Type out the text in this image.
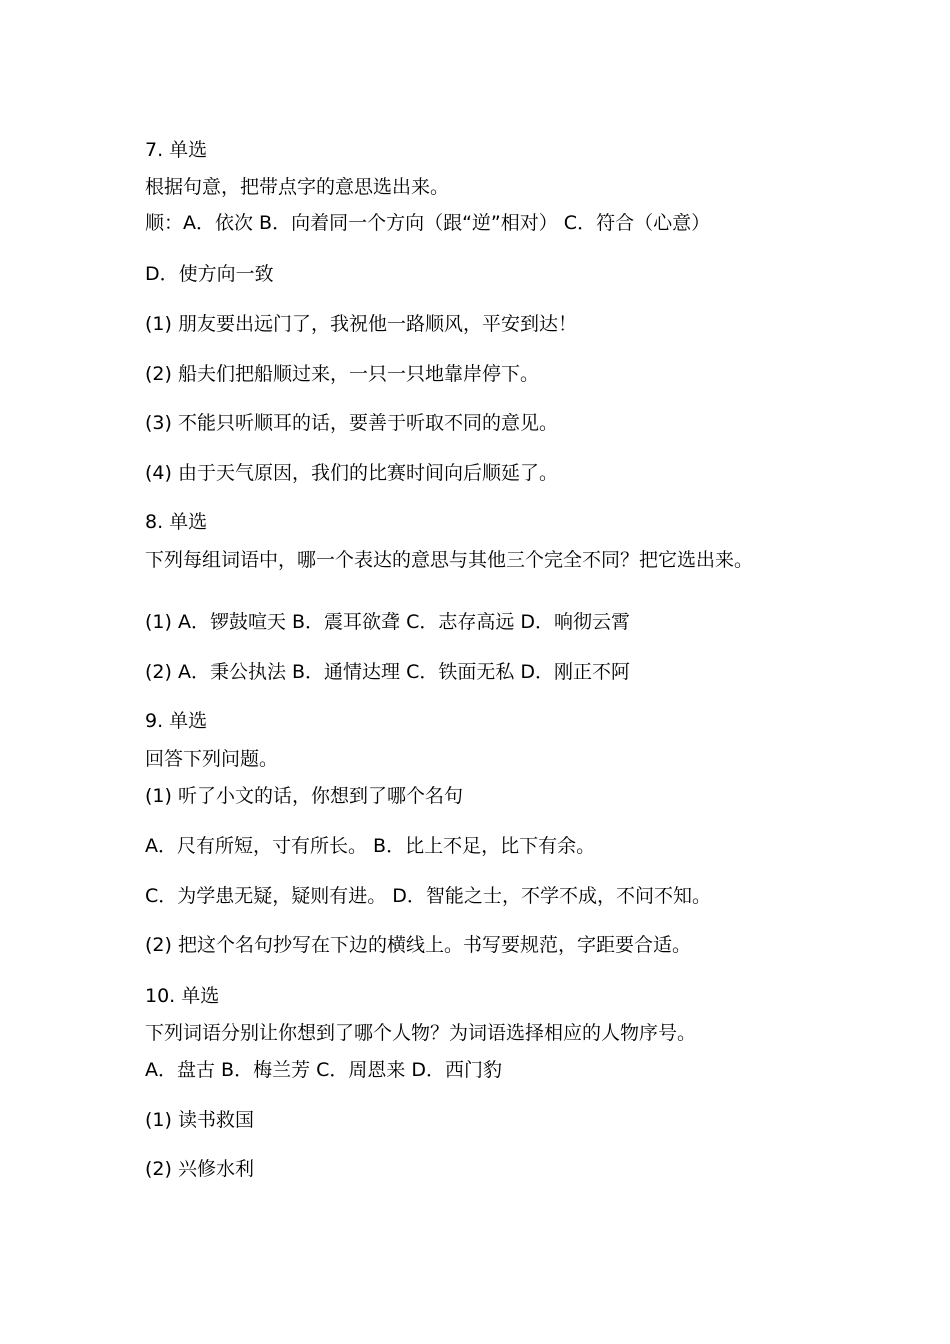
7. 单选
根据句意，把带点字的意思选出来。
顺：A．依次 B．向着同一个方向（跟“逆”相对） C．符合（心意）
D．使方向一致
(1) 朋友要出远门了，我祝他一路顺风，平安到达！
(2) 船夫们把船顺过来，一只一只地靠岸停下。
(3) 不能只听顺耳的话，要善于听取不同的意见。
(4) 由于天气原因，我们的比赛时间向后顺延了。
8. 单选
下列每组词语中，哪一个表达的意思与其他三个完全不同？把它选出来。
(1) A．锣鼓喧天 B．震耳欲聋 C．志存高远 D．响彻云霄
(2) A．秉公执法 B．通情达理 C．铁面无私 D．刚正不阿
9. 单选
回答下列问题。
(1) 听了小文的话，你想到了哪个名句
A．尺有所短，寸有所长。 B．比上不足，比下有余。
C．为学患无疑，疑则有进。 D．智能之士，不学不成，不问不知。
(2) 把这个名句抄写在下边的横线上。书写要规范，字距要合适。
10. 单选
下列词语分别让你想到了哪个人物？为词语选择相应的人物序号。
A．盘古 B．梅兰芳 C．周恩来 D．西门豹
(1) 读书救国
(2) 兴修水利
